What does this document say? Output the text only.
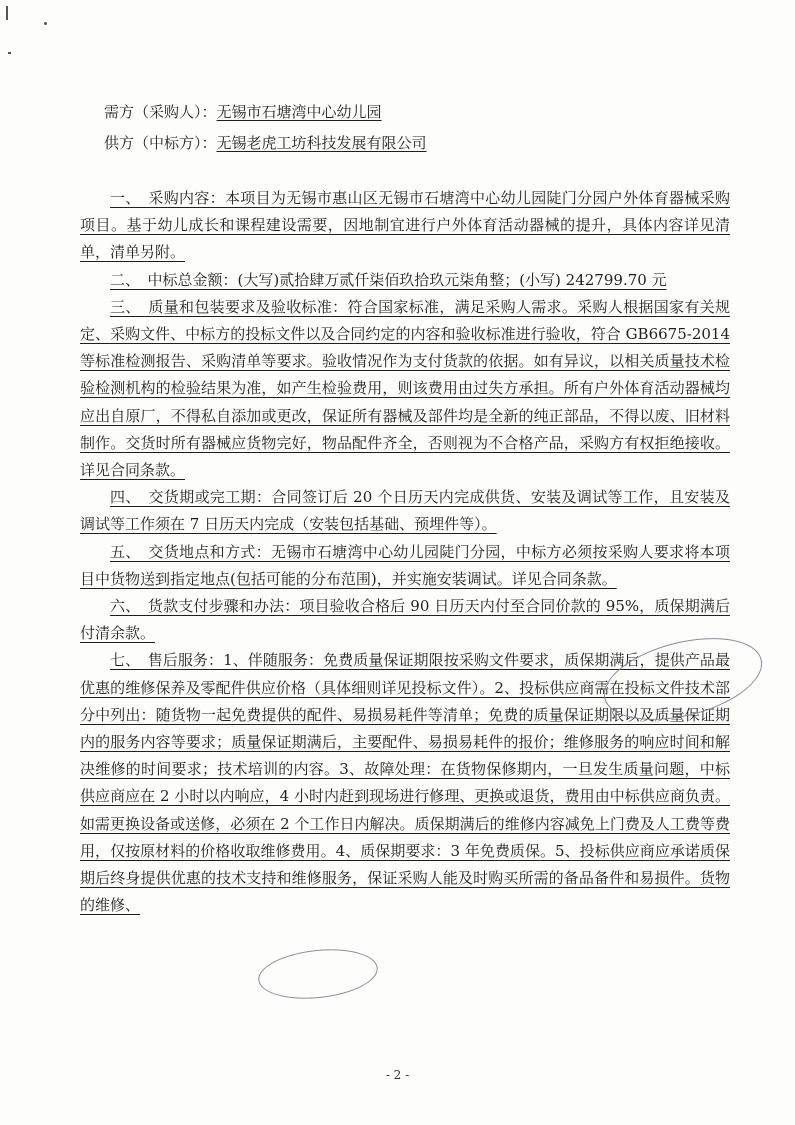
需方（采购人）：无锡市石塘湾中心幼儿园
供方（中标方）：无锡老虎工坊科技发展有限公司

一、　采购内容：本项目为无锡市惠山区无锡市石塘湾中心幼儿园陡门分园户外体育器械采购项目。基于幼儿成长和课程建设需要，因地制宜进行户外体育活动器械的提升，具体内容详见清单，清单另附。

二、　中标总金额：(大写)贰拾肆万贰仟柒佰玖拾玖元柒角整；(小写) 242799.70 元

三、　质量和包装要求及验收标准：符合国家标准，满足采购人需求。采购人根据国家有关规定、采购文件、中标方的投标文件以及合同约定的内容和验收标准进行验收，符合 GB6675-2014 等标准检测报告、采购清单等要求。验收情况作为支付货款的依据。如有异议，以相关质量技术检验检测机构的检验结果为准，如产生检验费用，则该费用由过失方承担。所有户外体育活动器械均应出自原厂，不得私自添加或更改，保证所有器械及部件均是全新的纯正部品，不得以废、旧材料制作。交货时所有器械应货物完好，物品配件齐全，否则视为不合格产品，采购方有权拒绝接收。详见合同条款。

四、　交货期或完工期：合同签订后 20 个日历天内完成供货、安装及调试等工作，且安装及调试等工作须在 7 日历天内完成（安装包括基础、预埋件等）。

五、　交货地点和方式：无锡市石塘湾中心幼儿园陡门分园，中标方必须按采购人要求将本项目中货物送到指定地点(包括可能的分布范围)，并实施安装调试。详见合同条款。

六、　货款支付步骤和办法：项目验收合格后 90 日历天内付至合同价款的 95%，质保期满后付清余款。

七、　售后服务：1、伴随服务：免费质量保证期限按采购文件要求，质保期满后，提供产品最优惠的维修保养及零配件供应价格（具体细则详见投标文件）。2、投标供应商需在投标文件技术部分中列出：随货物一起免费提供的配件、易损易耗件等清单；免费的质量保证期限以及质量保证期内的服务内容等要求；质量保证期满后，主要配件、易损易耗件的报价；维修服务的响应时间和解决维修的时间要求；技术培训的内容。3、故障处理：在货物保修期内，一旦发生质量问题，中标供应商应在 2 小时以内响应，4 小时内赶到现场进行修理、更换或退货，费用由中标供应商负责。如需更换设备或送修，必须在 2 个工作日内解决。质保期满后的维修内容减免上门费及人工费等费用，仅按原材料的价格收取维修费用。4、质保期要求：3 年免费质保。5、投标供应商应承诺质保期后终身提供优惠的技术支持和维修服务，保证采购人能及时购买所需的备品备件和易损件。货物的维修、

- 2 -
